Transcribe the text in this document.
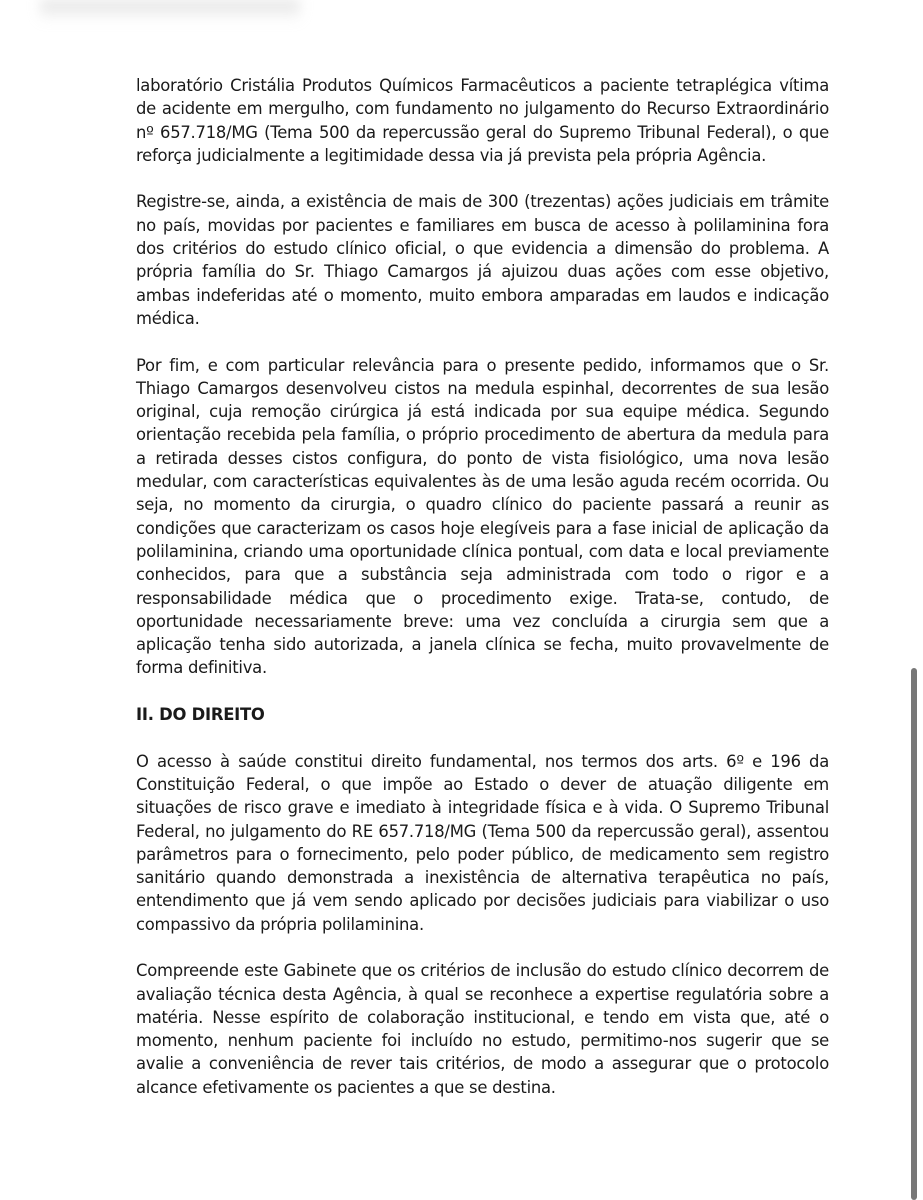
laboratório Cristália Produtos Químicos Farmacêuticos a paciente tetraplégica vítima de acidente em mergulho, com fundamento no julgamento do Recurso Extraordinário nº 657.718/MG (Tema 500 da repercussão geral do Supremo Tribunal Federal), o que reforça judicialmente a legitimidade dessa via já prevista pela própria Agência.

Registre-se, ainda, a existência de mais de 300 (trezentas) ações judiciais em trâmite no país, movidas por pacientes e familiares em busca de acesso à polilaminina fora dos critérios do estudo clínico oficial, o que evidencia a dimensão do problema. A própria família do Sr. Thiago Camargos já ajuizou duas ações com esse objetivo, ambas indeferidas até o momento, muito embora amparadas em laudos e indicação médica.

Por fim, e com particular relevância para o presente pedido, informamos que o Sr. Thiago Camargos desenvolveu cistos na medula espinhal, decorrentes de sua lesão original, cuja remoção cirúrgica já está indicada por sua equipe médica. Segundo orientação recebida pela família, o próprio procedimento de abertura da medula para a retirada desses cistos configura, do ponto de vista fisiológico, uma nova lesão medular, com características equivalentes às de uma lesão aguda recém ocorrida. Ou seja, no momento da cirurgia, o quadro clínico do paciente passará a reunir as condições que caracterizam os casos hoje elegíveis para a fase inicial de aplicação da polilaminina, criando uma oportunidade clínica pontual, com data e local previamente conhecidos, para que a substância seja administrada com todo o rigor e a responsabilidade médica que o procedimento exige. Trata-se, contudo, de oportunidade necessariamente breve: uma vez concluída a cirurgia sem que a aplicação tenha sido autorizada, a janela clínica se fecha, muito provavelmente de forma definitiva.

II. DO DIREITO

O acesso à saúde constitui direito fundamental, nos termos dos arts. 6º e 196 da Constituição Federal, o que impõe ao Estado o dever de atuação diligente em situações de risco grave e imediato à integridade física e à vida. O Supremo Tribunal Federal, no julgamento do RE 657.718/MG (Tema 500 da repercussão geral), assentou parâmetros para o fornecimento, pelo poder público, de medicamento sem registro sanitário quando demonstrada a inexistência de alternativa terapêutica no país, entendimento que já vem sendo aplicado por decisões judiciais para viabilizar o uso compassivo da própria polilaminina.

Compreende este Gabinete que os critérios de inclusão do estudo clínico decorrem de avaliação técnica desta Agência, à qual se reconhece a expertise regulatória sobre a matéria. Nesse espírito de colaboração institucional, e tendo em vista que, até o momento, nenhum paciente foi incluído no estudo, permitimo-nos sugerir que se avalie a conveniência de rever tais critérios, de modo a assegurar que o protocolo alcance efetivamente os pacientes a que se destina.
